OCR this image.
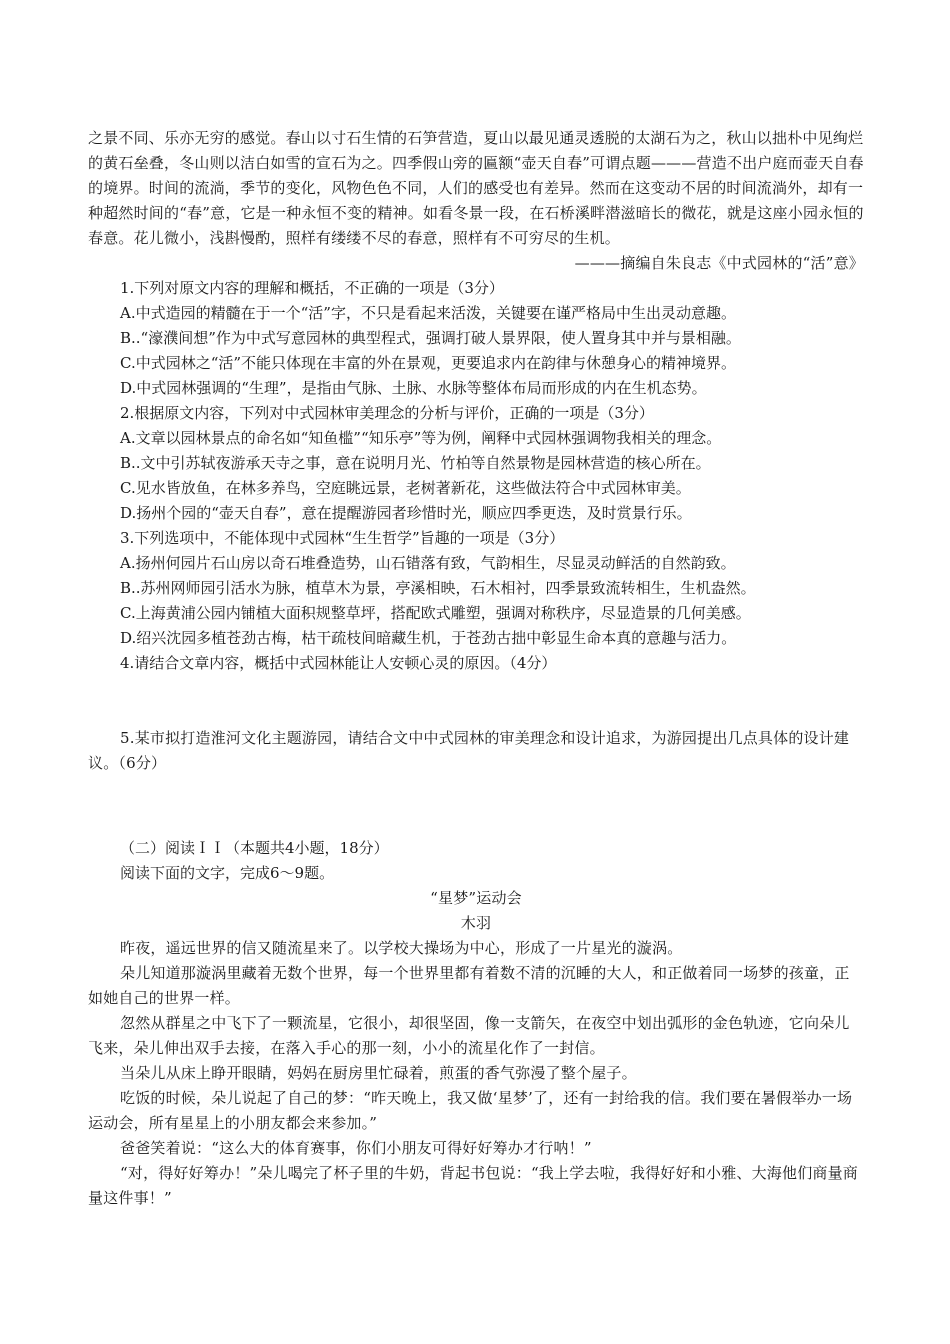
之景不同、乐亦无穷的感觉。春山以寸石生情的石笋营造，夏山以最见通灵透脱的太湖石为之，秋山以拙朴中见绚烂的黄石垒叠，冬山则以洁白如雪的宣石为之。四季假山旁的匾额“壶天自春”可谓点题———营造不出户庭而壶天自春的境界。时间的流淌，季节的变化，风物色色不同，人们的感受也有差异。然而在这变动不居的时间流淌外，却有一种超然时间的“春”意，它是一种永恒不变的精神。如看冬景一段，在石桥溪畔潜滋暗长的微花，就是这座小园永恒的春意。花儿微小，浅斟慢酌，照样有缕缕不尽的春意，照样有不可穷尽的生机。

———摘编自朱良志《中式园林的“活”意》

1.下列对原文内容的理解和概括，不正确的一项是（3分）

A.中式造园的精髓在于一个“活”字，不只是看起来活泼，关键要在谨严格局中生出灵动意趣。

B..“濠濮间想”作为中式写意园林的典型程式，强调打破人景界限，使人置身其中并与景相融。

C.中式园林之“活”不能只体现在丰富的外在景观，更要追求内在韵律与休憩身心的精神境界。

D.中式园林强调的“生理”，是指由气脉、土脉、水脉等整体布局而形成的内在生机态势。

2.根据原文内容，下列对中式园林审美理念的分析与评价，正确的一项是（3分）

A.文章以园林景点的命名如“知鱼槛”“知乐亭”等为例，阐释中式园林强调物我相关的理念。

B..文中引苏轼夜游承天寺之事，意在说明月光、竹柏等自然景物是园林营造的核心所在。

C.见水皆放鱼，在林多养鸟，空庭眺远景，老树著新花，这些做法符合中式园林审美。

D.扬州个园的“壶天自春”，意在提醒游园者珍惜时光，顺应四季更迭，及时赏景行乐。

3.下列选项中，不能体现中式园林“生生哲学”旨趣的一项是（3分）

A.扬州何园片石山房以奇石堆叠造势，山石错落有致，气韵相生，尽显灵动鲜活的自然韵致。

B..苏州网师园引活水为脉，植草木为景，亭溪相映，石木相衬，四季景致流转相生，生机盎然。

C.上海黄浦公园内铺植大面积规整草坪，搭配欧式雕塑，强调对称秩序，尽显造景的几何美感。

D.绍兴沈园多植苍劲古梅，枯干疏枝间暗藏生机，于苍劲古拙中彰显生命本真的意趣与活力。

4.请结合文章内容，概括中式园林能让人安顿心灵的原因。（4分）

5.某市拟打造淮河文化主题游园，请结合文中中式园林的审美理念和设计追求，为游园提出几点具体的设计建议。（6分）

（二）阅读ＩＩ（本题共4小题，18分）

阅读下面的文字，完成6～9题。

“星梦”运动会

木羽

昨夜，遥远世界的信又随流星来了。以学校大操场为中心，形成了一片星光的漩涡。

朵儿知道那漩涡里藏着无数个世界，每一个世界里都有着数不清的沉睡的大人，和正做着同一场梦的孩童，正如她自己的世界一样。

忽然从群星之中飞下了一颗流星，它很小，却很坚固，像一支箭矢，在夜空中划出弧形的金色轨迹，它向朵儿飞来，朵儿伸出双手去接，在落入手心的那一刻，小小的流星化作了一封信。

当朵儿从床上睁开眼睛，妈妈在厨房里忙碌着，煎蛋的香气弥漫了整个屋子。

吃饭的时候，朵儿说起了自己的梦：“昨天晚上，我又做‘星梦’了，还有一封给我的信。我们要在暑假举办一场运动会，所有星星上的小朋友都会来参加。”

爸爸笑着说：“这么大的体育赛事，你们小朋友可得好好筹办才行呐！”

“对，得好好筹办！”朵儿喝完了杯子里的牛奶，背起书包说：“我上学去啦，我得好好和小雅、大海他们商量商量这件事！”
